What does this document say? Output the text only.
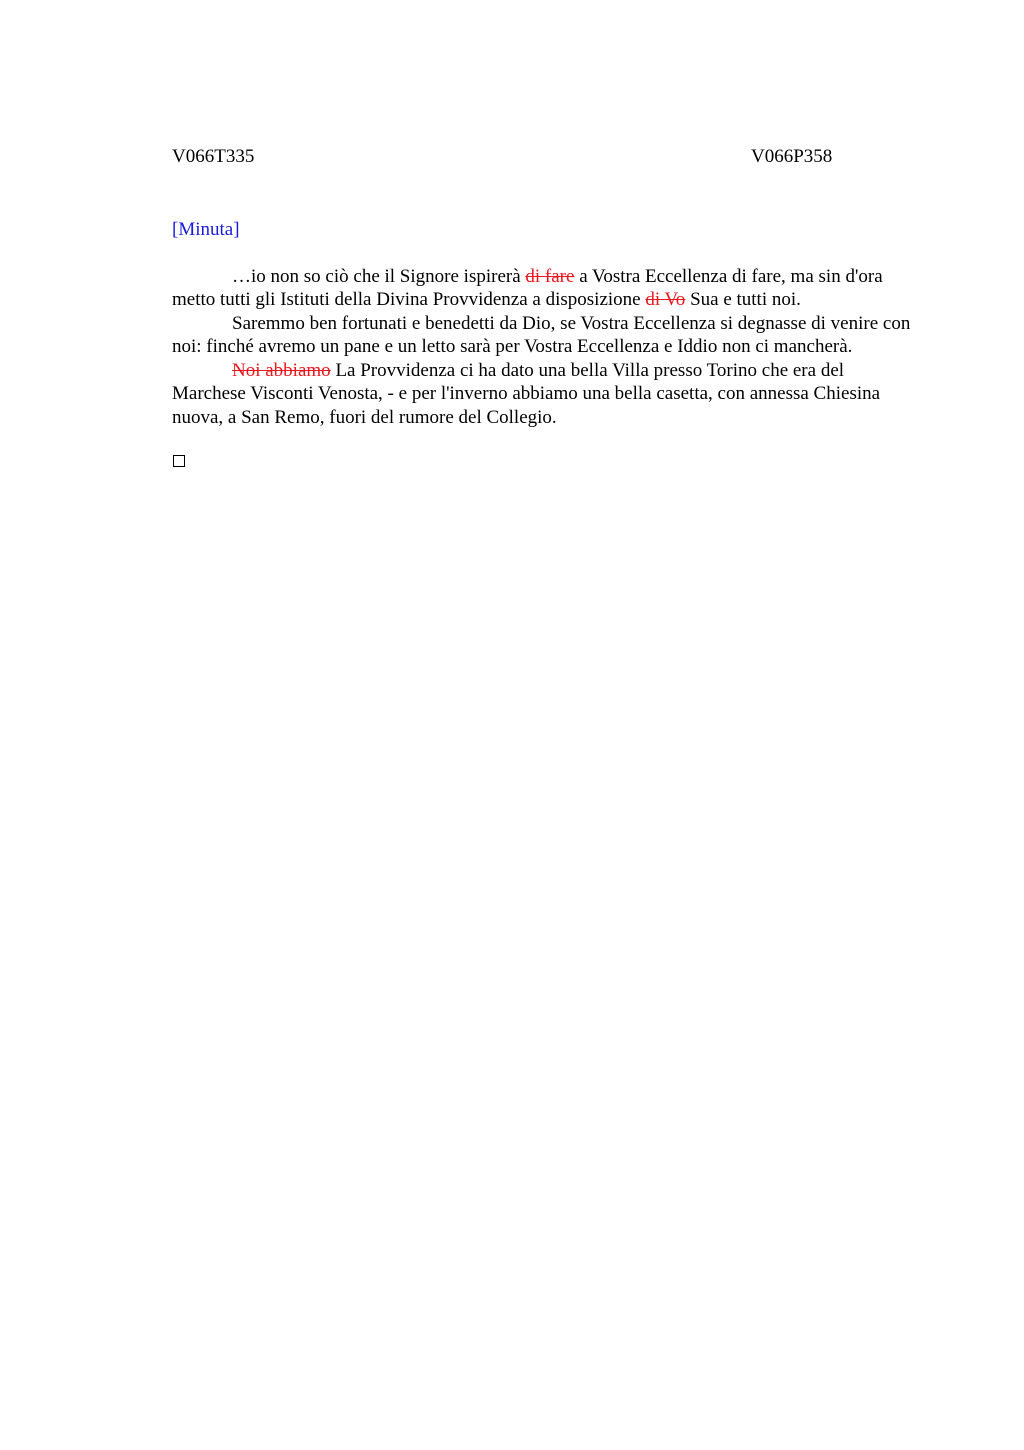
V066T335	V066P358
[Minuta]

…io non so ciò che il Signore ispirerà di fare a Vostra Eccellenza di fare, ma sin d'ora metto tutti gli Istituti della Divina Provvidenza a disposizione di Vo Sua e tutti noi.

Saremmo ben fortunati e benedetti da Dio, se Vostra Eccellenza si degnasse di venire con noi: finché avremo un pane e un letto sarà per Vostra Eccellenza e Iddio non ci mancherà.

Noi abbiamo La Provvidenza ci ha dato una bella Villa presso Torino che era del Marchese Visconti Venosta, - e per l'inverno abbiamo una bella casetta, con annessa Chiesina nuova, a San Remo, fuori del rumore del Collegio.
